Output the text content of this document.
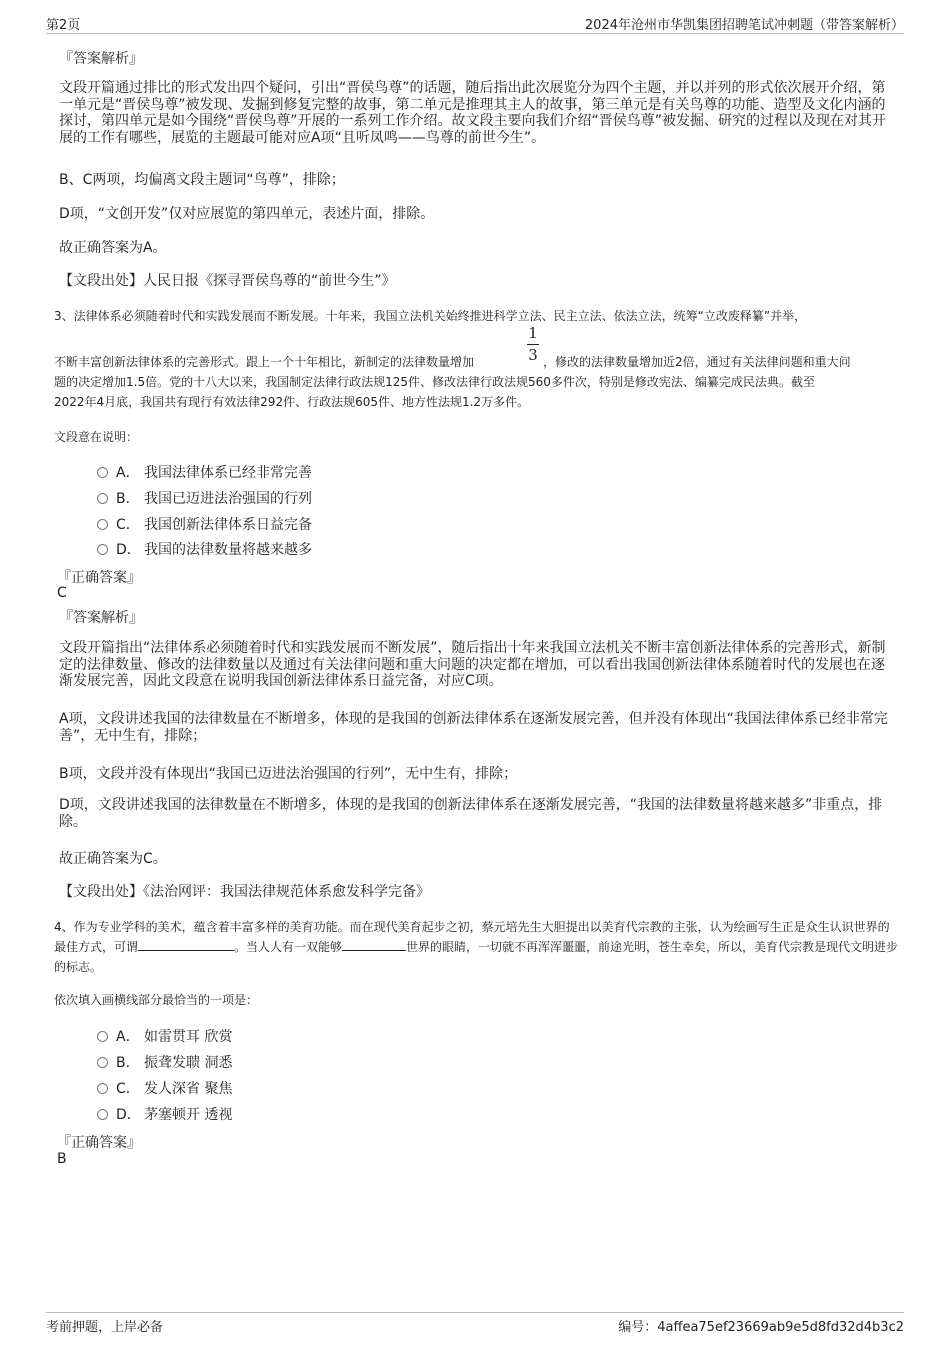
第2页	2024年沧州市华凯集团招聘笔试冲刺题（带答案解析）
『答案解析』
文段开篇通过排比的形式发出四个疑问，引出“晋侯鸟尊”的话题，随后指出此次展览分为四个主题，并以并列的形式依次展开介绍，第一单元是“晋侯鸟尊”被发现、发掘到修复完整的故事，第二单元是推理其主人的故事，第三单元是有关鸟尊的功能、造型及文化内涵的探讨，第四单元是如今围绕“晋侯鸟尊”开展的一系列工作介绍。故文段主要向我们介绍“晋侯鸟尊”被发掘、研究的过程以及现在对其开展的工作有哪些，展览的主题最可能对应A项“且听凤鸣——鸟尊的前世今生”。
B、C两项，均偏离文段主题词“鸟尊”，排除；
D项，“文创开发”仅对应展览的第四单元，表述片面，排除。
故正确答案为A。
【文段出处】人民日报《探寻晋侯鸟尊的“前世今生”》
3、法律体系必须随着时代和实践发展而不断发展。十年来，我国立法机关始终推进科学立法、民主立法、依法立法，统筹“立改废释纂”并举，
不断丰富创新法律体系的完善形式。跟上一个十年相比，新制定的法律数量增加
1
3 ，修改的法律数量增加近2倍，通过有关法律问题和重大问
题的决定增加1.5倍。党的十八大以来，我国制定法律行政法规125件、修改法律行政法规560多件次，特别是修改宪法、编纂完成民法典。截至
2022年4月底，我国共有现行有效法律292件、行政法规605件、地方性法规1.2万多件。
文段意在说明：
A． 我国法律体系已经非常完善
B． 我国已迈进法治强国的行列
C． 我国创新法律体系日益完备
D． 我国的法律数量将越来越多
『正确答案』
C
『答案解析』
文段开篇指出“法律体系必须随着时代和实践发展而不断发展”，随后指出十年来我国立法机关不断丰富创新法律体系的完善形式，新制定的法律数量、修改的法律数量以及通过有关法律问题和重大问题的决定都在增加，可以看出我国创新法律体系随着时代的发展也在逐渐发展完善，因此文段意在说明我国创新法律体系日益完备，对应C项。
A项，文段讲述我国的法律数量在不断增多，体现的是我国的创新法律体系在逐渐发展完善，但并没有体现出“我国法律体系已经非常完善”，无中生有，排除；
B项，文段并没有体现出“我国已迈进法治强国的行列”，无中生有，排除；
D项，文段讲述我国的法律数量在不断增多，体现的是我国的创新法律体系在逐渐发展完善，“我国的法律数量将越来越多”非重点，排除。
故正确答案为C。
【文段出处】《法治网评：我国法律规范体系愈发科学完备》
4、作为专业学科的美术，蕴含着丰富多样的美育功能。而在现代美育起步之初，蔡元培先生大胆提出以美育代宗教的主张，认为绘画写生正是众生认识世界的最佳方式，可谓	。当人人有一双能够	世界的眼睛，一切就不再浑浑噩噩，前途光明，苍生幸矣，所以，美育代宗教是现代文明进步的标志。
依次填入画横线部分最恰当的一项是：
A． 如雷贯耳 欣赏
B． 振聋发聩 洞悉
C． 发人深省 聚焦
D． 茅塞顿开 透视
『正确答案』
B
考前押题，上岸必备	编号：4affea75ef23669ab9e5d8fd32d4b3c2
